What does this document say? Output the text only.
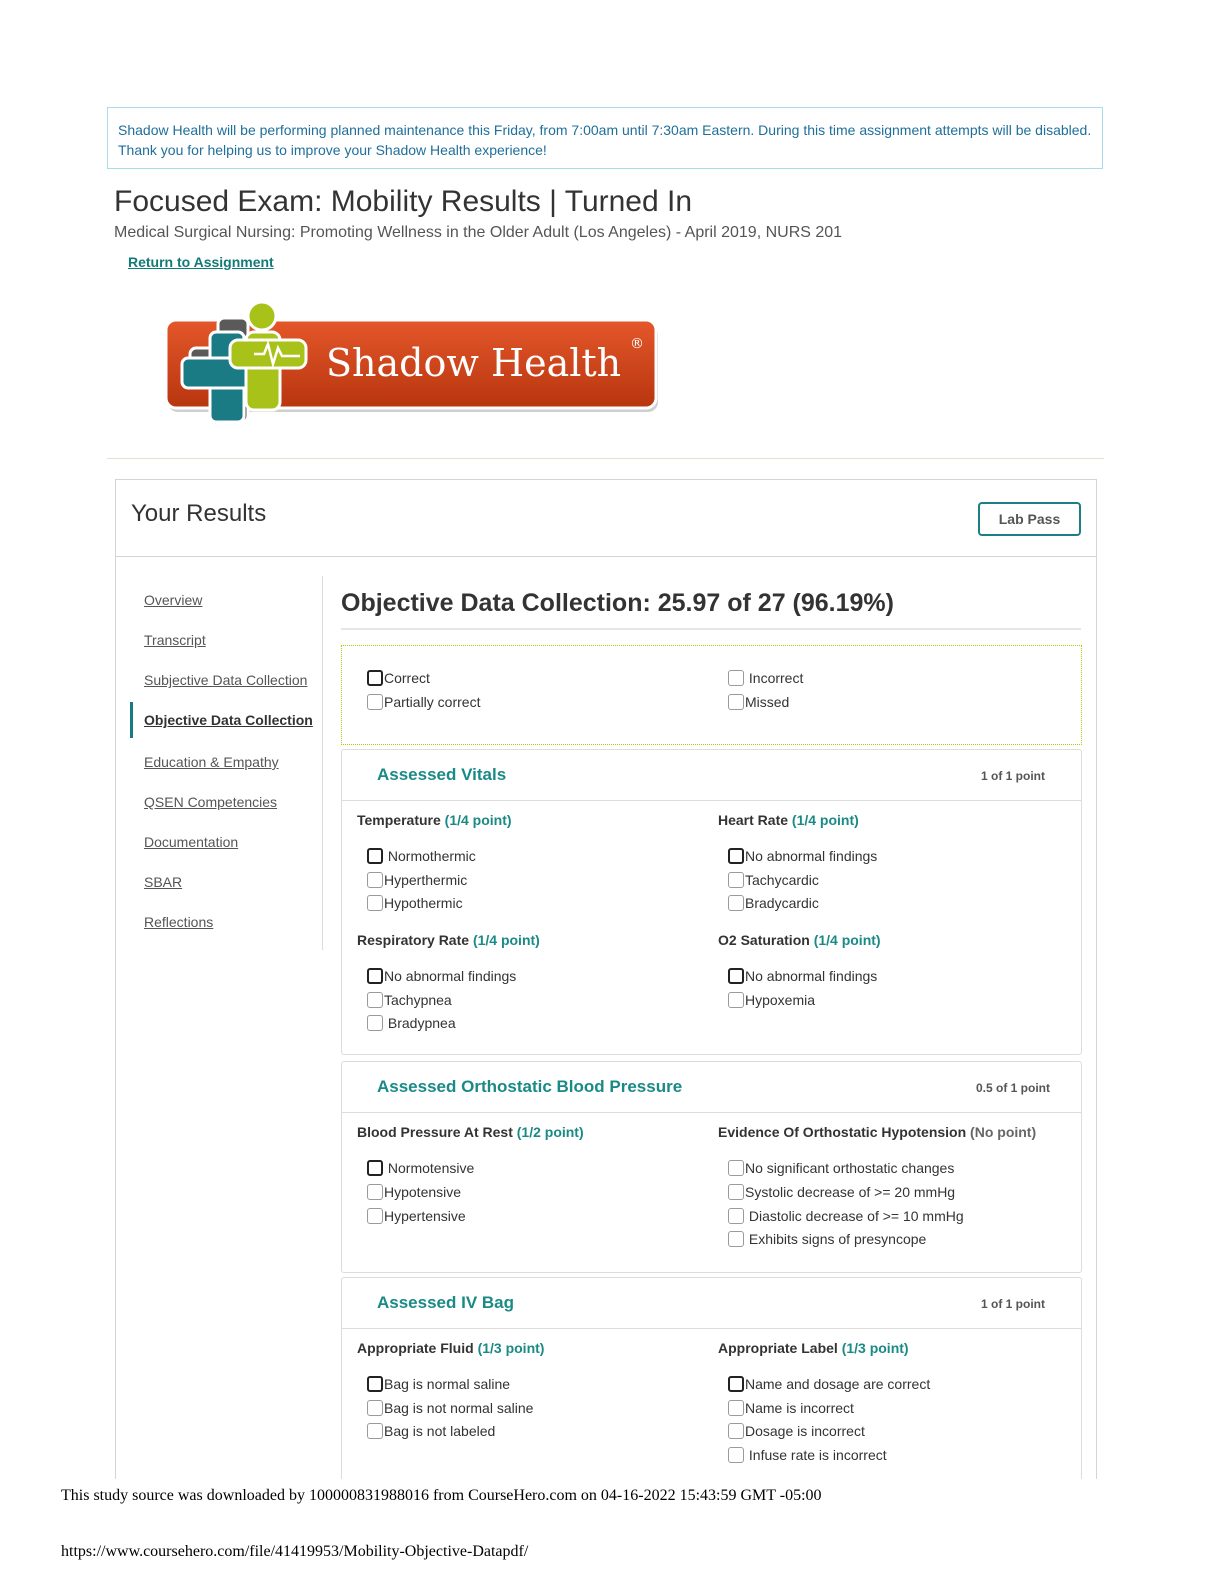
Shadow Health will be performing planned maintenance this Friday, from 7:00am until 7:30am Eastern. During this time assignment attempts will be disabled. Thank you for helping us to improve your Shadow Health experience!
Focused Exam: Mobility Results | Turned In
Medical Surgical Nursing: Promoting Wellness in the Older Adult (Los Angeles) - April 2019, NURS 201
Return to Assignment
Shadow Health ®
Your Results	Lab Pass
Overview
Transcript
Subjective Data Collection
Objective Data Collection
Education & Empathy
QSEN Competencies
Documentation
SBAR
Reflections
Objective Data Collection: 25.97 of 27 (96.19%)
Correct
Partially correct
Incorrect
Missed
Assessed Vitals	1 of 1 point
Temperature (1/4 point)
Normothermic
Hyperthermic
Hypothermic
Heart Rate (1/4 point)
No abnormal findings
Tachycardic
Bradycardic
Respiratory Rate (1/4 point)
No abnormal findings
Tachypnea
Bradypnea
O2 Saturation (1/4 point)
No abnormal findings
Hypoxemia
Assessed Orthostatic Blood Pressure	0.5 of 1 point
Blood Pressure At Rest (1/2 point)
Normotensive
Hypotensive
Hypertensive
Evidence Of Orthostatic Hypotension (No point)
No significant orthostatic changes
Systolic decrease of >= 20 mmHg
Diastolic decrease of >= 10 mmHg
Exhibits signs of presyncope
Assessed IV Bag	1 of 1 point
Appropriate Fluid (1/3 point)
Bag is normal saline
Bag is not normal saline
Bag is not labeled
Appropriate Label (1/3 point)
Name and dosage are correct
Name is incorrect
Dosage is incorrect
Infuse rate is incorrect
This study source was downloaded by 100000831988016 from CourseHero.com on 04-16-2022 15:43:59 GMT -05:00
https://www.coursehero.com/file/41419953/Mobility-Objective-Datapdf/
